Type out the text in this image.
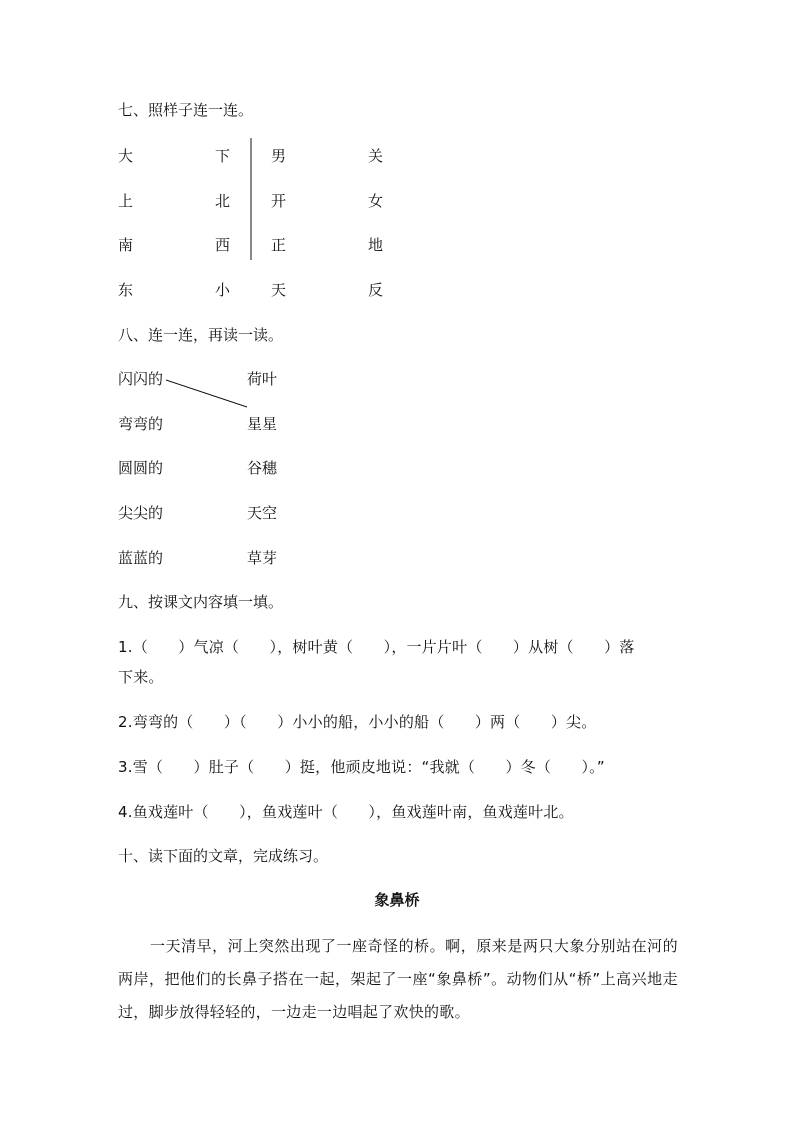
七、照样子连一连。
大	下	男	关
上	北	开	女
南	西	正	地
东	小	天	反
八、连一连，再读一读。
闪闪的	荷叶
弯弯的	星星
圆圆的	谷穗
尖尖的	天空
蓝蓝的	草芽
九、按课文内容填一填。
1.（　　）气凉（　　），树叶黄（　　），一片片叶（　　）从树（　　）落
下来。
2.弯弯的（　　）（　　）小小的船，小小的船（　　）两（　　）尖。
3.雪（　　）肚子（　　）挺，他顽皮地说：“我就（　　）冬（　　）。”
4.鱼戏莲叶（　　），鱼戏莲叶（　　），鱼戏莲叶南，鱼戏莲叶北。
十、读下面的文章，完成练习。
象鼻桥
一天清早，河上突然出现了一座奇怪的桥。啊，原来是两只大象分别站在河的两岸，把他们的长鼻子搭在一起，架起了一座“象鼻桥”。动物们从“桥”上高兴地走过，脚步放得轻轻的，一边走一边唱起了欢快的歌。
